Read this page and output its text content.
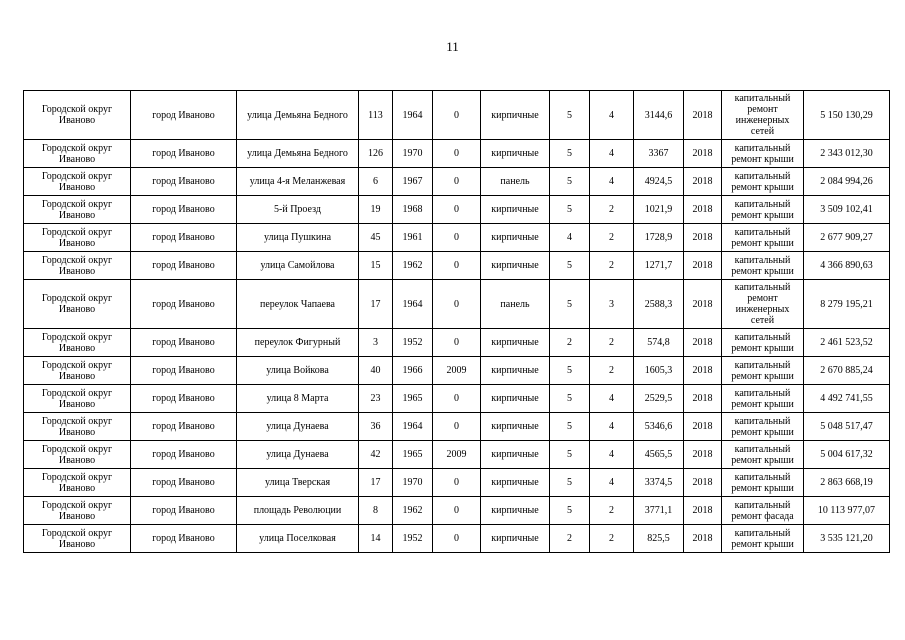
11
Городской округ Иваново	город Иваново	улица Демьяна Бедного	113	1964	0	кирпичные	5	4	3144,6	2018	капитальный ремонт инженерных сетей	5 150 130,29
Городской округ Иваново	город Иваново	улица Демьяна Бедного	126	1970	0	кирпичные	5	4	3367	2018	капитальный ремонт крыши	2 343 012,30
Городской округ Иваново	город Иваново	улица 4-я Меланжевая	6	1967	0	панель	5	4	4924,5	2018	капитальный ремонт крыши	2 084 994,26
Городской округ Иваново	город Иваново	5-й Проезд	19	1968	0	кирпичные	5	2	1021,9	2018	капитальный ремонт крыши	3 509 102,41
Городской округ Иваново	город Иваново	улица Пушкина	45	1961	0	кирпичные	4	2	1728,9	2018	капитальный ремонт крыши	2 677 909,27
Городской округ Иваново	город Иваново	улица Самойлова	15	1962	0	кирпичные	5	2	1271,7	2018	капитальный ремонт крыши	4 366 890,63
Городской округ Иваново	город Иваново	переулок Чапаева	17	1964	0	панель	5	3	2588,3	2018	капитальный ремонт инженерных сетей	8 279 195,21
Городской округ Иваново	город Иваново	переулок Фигурный	3	1952	0	кирпичные	2	2	574,8	2018	капитальный ремонт крыши	2 461 523,52
Городской округ Иваново	город Иваново	улица Войкова	40	1966	2009	кирпичные	5	2	1605,3	2018	капитальный ремонт крыши	2 670 885,24
Городской округ Иваново	город Иваново	улица 8 Марта	23	1965	0	кирпичные	5	4	2529,5	2018	капитальный ремонт крыши	4 492 741,55
Городской округ Иваново	город Иваново	улица Дунаева	36	1964	0	кирпичные	5	4	5346,6	2018	капитальный ремонт крыши	5 048 517,47
Городской округ Иваново	город Иваново	улица Дунаева	42	1965	2009	кирпичные	5	4	4565,5	2018	капитальный ремонт крыши	5 004 617,32
Городской округ Иваново	город Иваново	улица Тверская	17	1970	0	кирпичные	5	4	3374,5	2018	капитальный ремонт крыши	2 863 668,19
Городской округ Иваново	город Иваново	площадь Революции	8	1962	0	кирпичные	5	2	3771,1	2018	капитальный ремонт фасада	10 113 977,07
Городской округ Иваново	город Иваново	улица Поселковая	14	1952	0	кирпичные	2	2	825,5	2018	капитальный ремонт крыши	3 535 121,20
